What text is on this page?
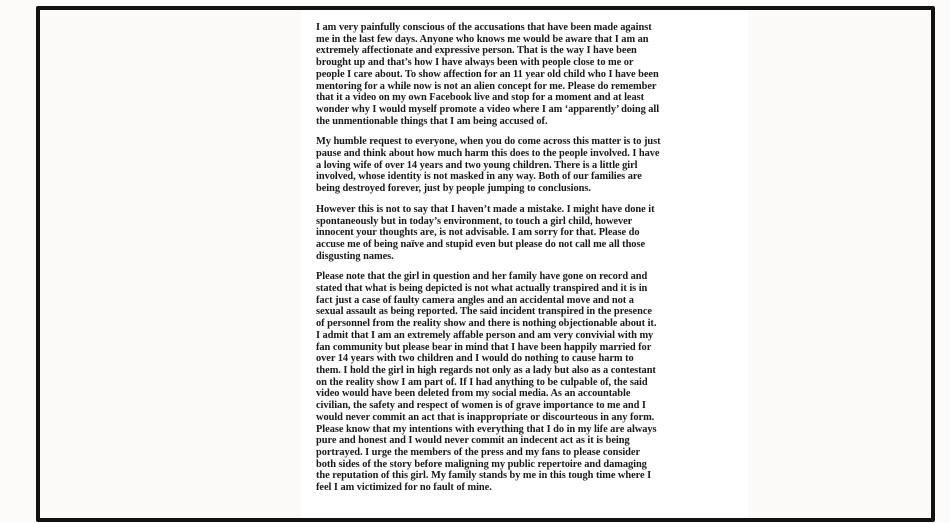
I am very painfully conscious of the accusations that have been made against me in the last few days. Anyone who knows me would be aware that I am an extremely affectionate and expressive person. That is the way I have been brought up and that’s how I have always been with people close to me or people I care about. To show affection for an 11 year old child who I have been mentoring for a while now is not an alien concept for me. Please do remember that it a video on my own Facebook live and stop for a moment and at least wonder why I would myself promote a video where I am ‘apparently’ doing all the unmentionable things that I am being accused of.

My humble request to everyone, when you do come across this matter is to just pause and think about how much harm this does to the people involved. I have a loving wife of over 14 years and two young children. There is a little girl involved, whose identity is not masked in any way. Both of our families are being destroyed forever, just by people jumping to conclusions.

However this is not to say that I haven’t made a mistake. I might have done it spontaneously but in today’s environment, to touch a girl child, however innocent your thoughts are, is not advisable. I am sorry for that. Please do accuse me of being naïve and stupid even but please do not call me all those disgusting names.

Please note that the girl in question and her family have gone on record and stated that what is being depicted is not what actually transpired and it is in fact just a case of faulty camera angles and an accidental move and not a sexual assault as being reported. The said incident transpired in the presence of personnel from the reality show and there is nothing objectionable about it. I admit that I am an extremely affable person and am very convivial with my fan community but please bear in mind that I have been happily married for over 14 years with two children and I would do nothing to cause harm to them. I hold the girl in high regards not only as a lady but also as a contestant on the reality show I am part of. If I had anything to be culpable of, the said video would have been deleted from my social media. As an accountable civilian, the safety and respect of women is of grave importance to me and I would never commit an act that is inappropriate or discourteous in any form. Please know that my intentions with everything that I do in my life are always pure and honest and I would never commit an indecent act as it is being portrayed. I urge the members of the press and my fans to please consider both sides of the story before maligning my public repertoire and damaging the reputation of this girl. My family stands by me in this tough time where I feel I am victimized for no fault of mine.
